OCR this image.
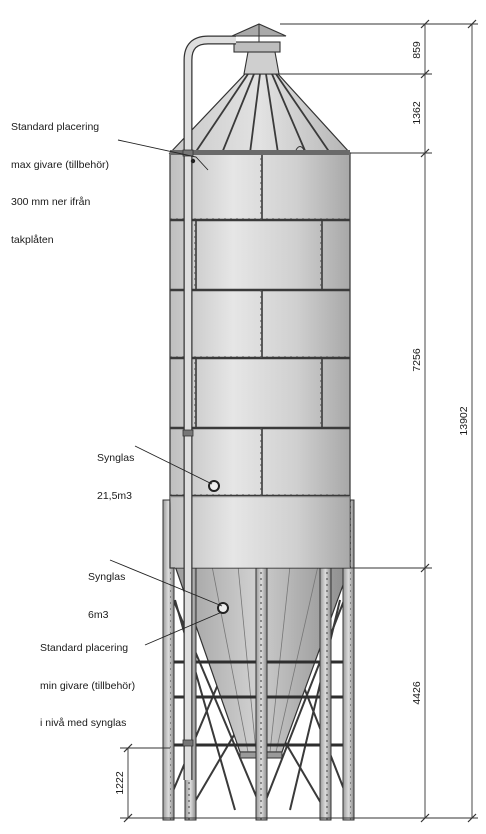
859
1362
7256
4426
13902
1222

Standard placering

max givare (tillbehör)

300 mm ner ifrån

takplåten

Synglas

21,5m3

Synglas

6m3

Standard placering

min givare (tillbehör)

i nivå med synglas
